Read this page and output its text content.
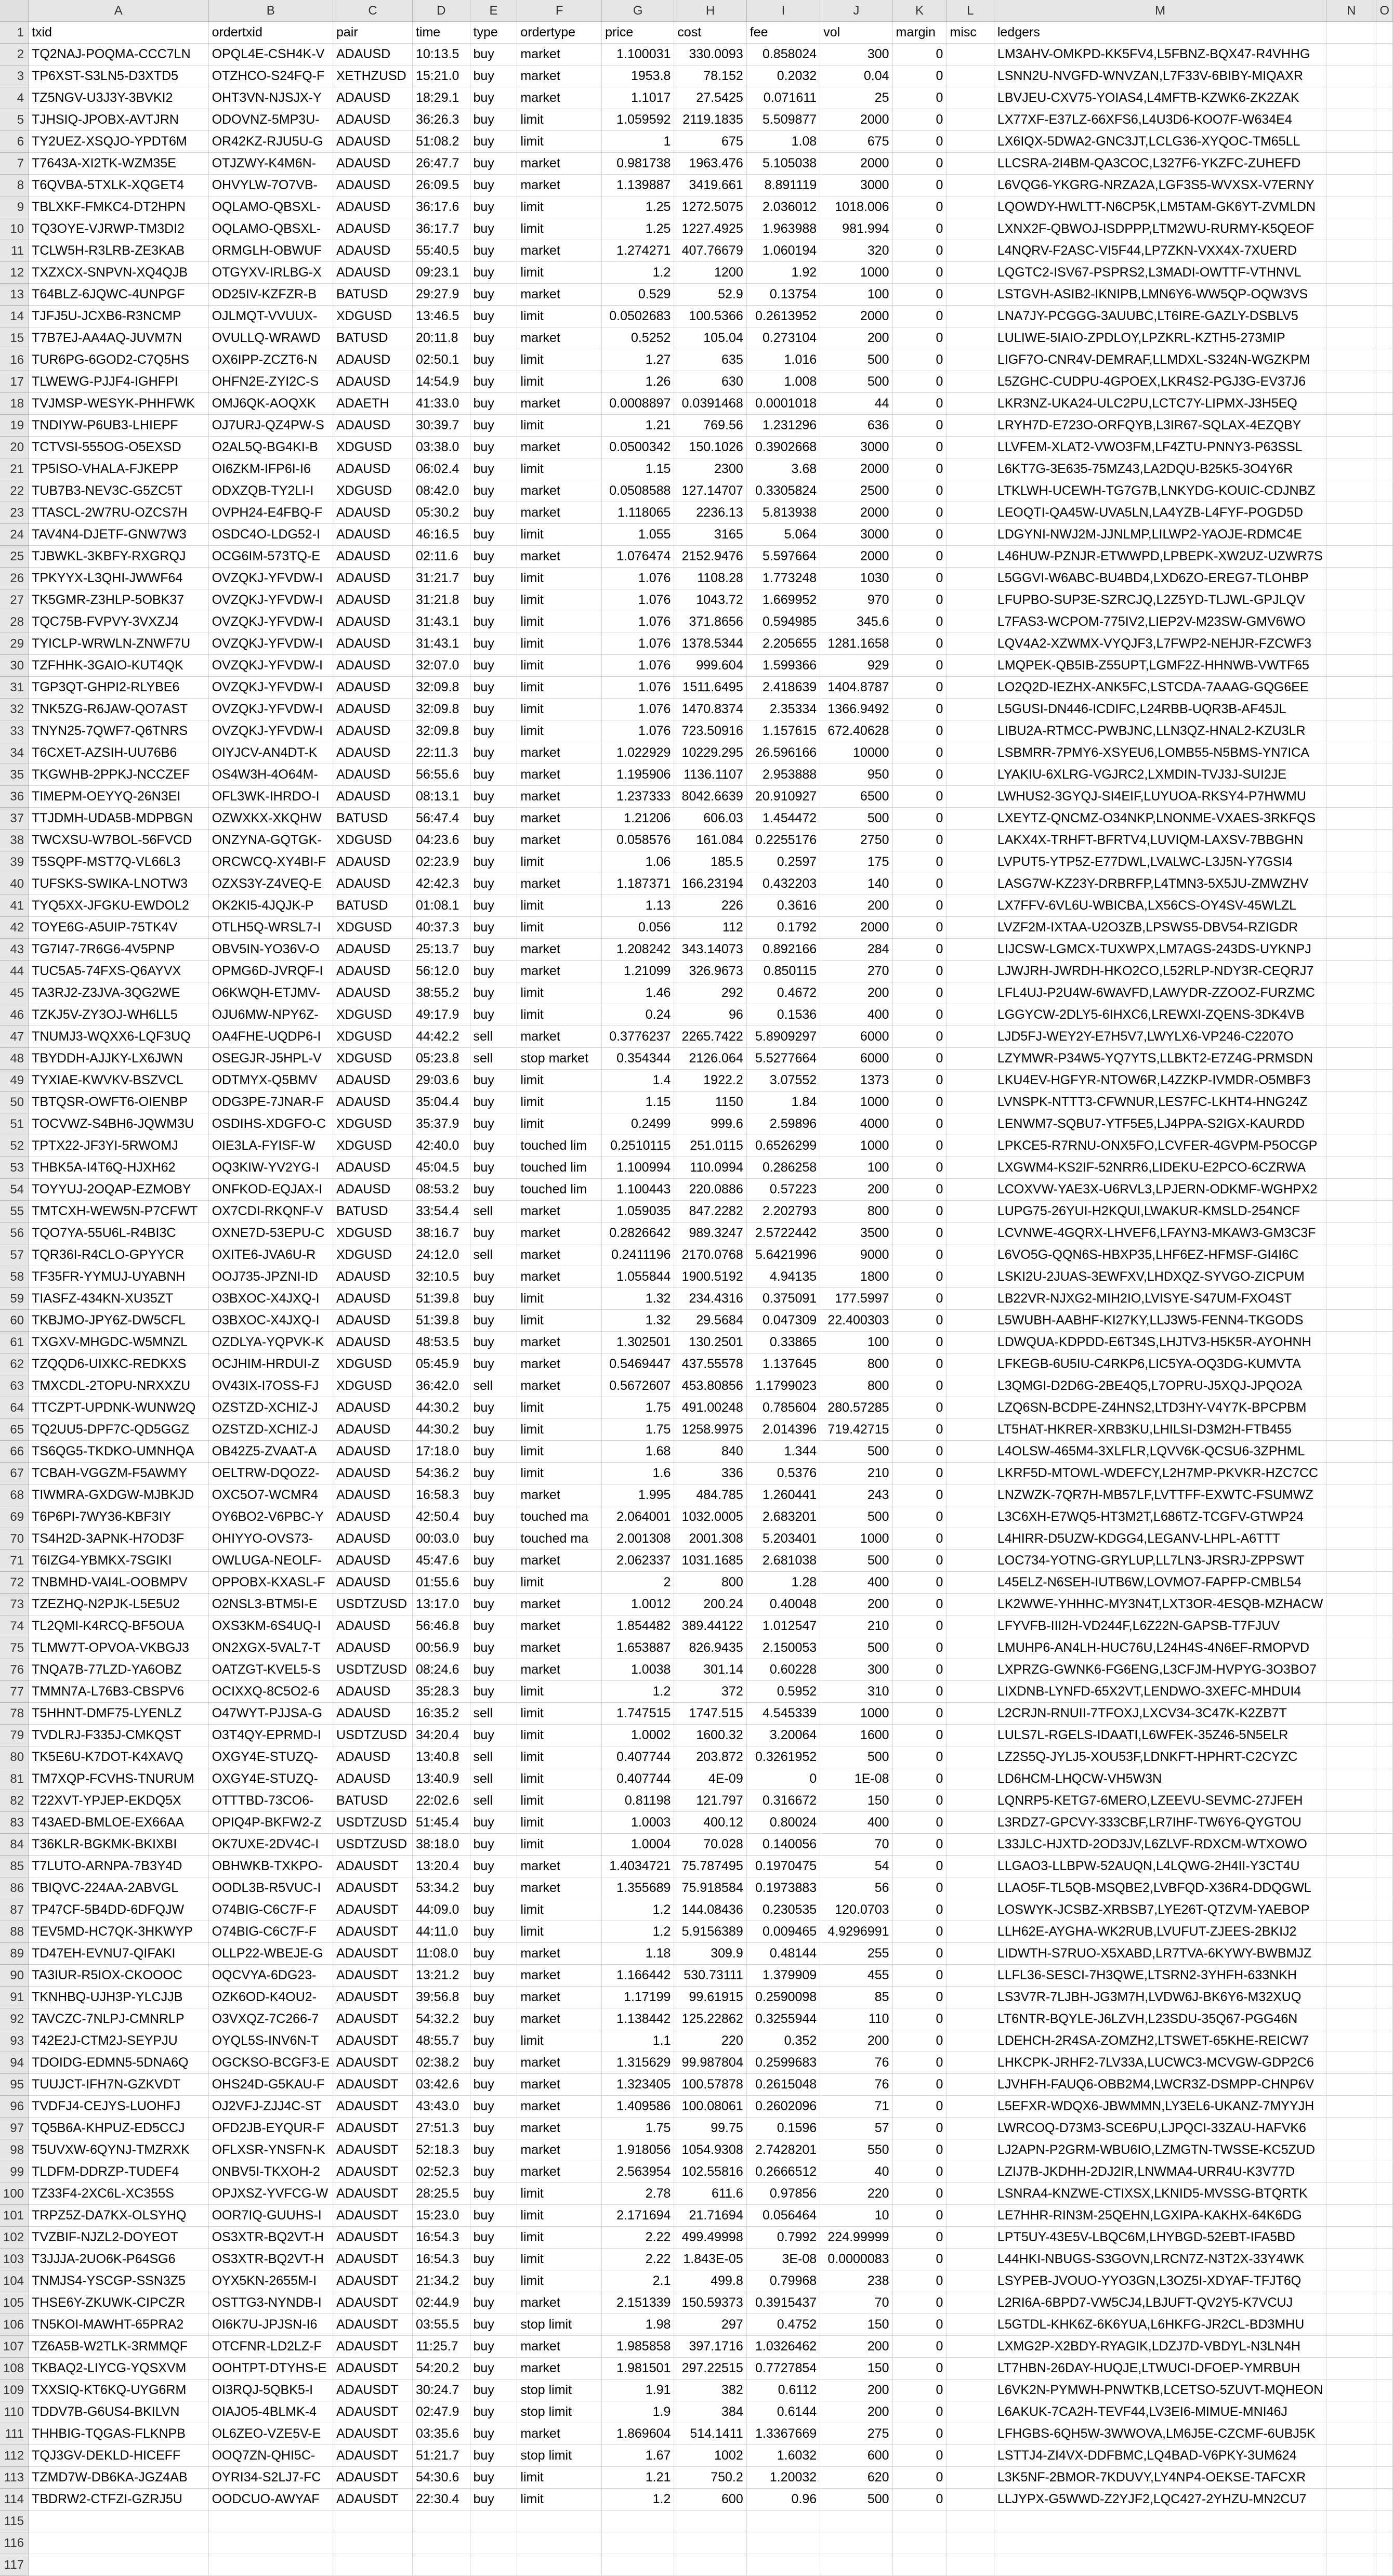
	A	B	C	D	E	F	G	H	I	J	K	L	M	N	O
1	txid	ordertxid	pair	time	type	ordertype	price	cost	fee	vol	margin	misc	ledgers		
2	TQ2NAJ-POQMA-CCC7LN	OPQL4E-CSH4K-V	ADAUSD	10:13.5	buy	market	1.100031	330.0093	0.858024	300	0		LM3AHV-OMKPD-KK5FV4,L5FBNZ-BQX47-R4VHHG		
3	TP6XST-S3LN5-D3XTD5	OTZHCO-S24FQ-F	XETHZUSD	15:21.0	buy	market	1953.8	78.152	0.2032	0.04	0		LSNN2U-NVGFD-WNVZAN,L7F33V-6BIBY-MIQAXR		
4	TZ5NGV-U3J3Y-3BVKI2	OHT3VN-NJSJX-Y	ADAUSD	18:29.1	buy	market	1.1017	27.5425	0.071611	25	0		LBVJEU-CXV75-YOIAS4,L4MFTB-KZWK6-ZK2ZAK		
5	TJHSIQ-JPOBX-AVTJRN	ODOVNZ-5MP3U-	ADAUSD	36:26.3	buy	limit	1.059592	2119.1835	5.509877	2000	0		LX77XF-E37LZ-66XFS6,L4U3D6-KOO7F-W634E4		
6	TY2UEZ-XSQJO-YPDT6M	OR42KZ-RJU5U-G	ADAUSD	51:08.2	buy	limit	1	675	1.08	675	0		LX6IQX-5DWA2-GNC3JT,LCLG36-XYQOC-TM65LL		
7	T7643A-XI2TK-WZM35E	OTJZWY-K4M6N-	ADAUSD	26:47.7	buy	market	0.981738	1963.476	5.105038	2000	0		LLCSRA-2I4BM-QA3COC,L327F6-YKZFC-ZUHEFD		
8	T6QVBA-5TXLK-XQGET4	OHVYLW-7O7VB-	ADAUSD	26:09.5	buy	market	1.139887	3419.661	8.891119	3000	0		L6VQG6-YKGRG-NRZA2A,LGF3S5-WVXSX-V7ERNY		
9	TBLXKF-FMKC4-DT2HPN	OQLAMO-QBSXL-	ADAUSD	36:17.6	buy	limit	1.25	1272.5075	2.036012	1018.006	0		LQOWDY-HWLTT-N6CP5K,LM5TAM-GK6YT-ZVMLDN		
10	TQ3OYE-VJRWP-TM3DI2	OQLAMO-QBSXL-	ADAUSD	36:17.7	buy	limit	1.25	1227.4925	1.963988	981.994	0		LXNX2F-QBWOJ-ISDPPP,LTM2WU-RURMY-K5QEOF		
11	TCLW5H-R3LRB-ZE3KAB	ORMGLH-OBWUF	ADAUSD	55:40.5	buy	market	1.274271	407.76679	1.060194	320	0		L4NQRV-F2ASC-VI5F44,LP7ZKN-VXX4X-7XUERD		
12	TXZXCX-SNPVN-XQ4QJB	OTGYXV-IRLBG-X	ADAUSD	09:23.1	buy	limit	1.2	1200	1.92	1000	0		LQGTC2-ISV67-PSPRS2,L3MADI-OWTTF-VTHNVL		
13	T64BLZ-6JQWC-4UNPGF	OD25IV-KZFZR-B	BATUSD	29:27.9	buy	market	0.529	52.9	0.13754	100	0		LSTGVH-ASIB2-IKNIPB,LMN6Y6-WW5QP-OQW3VS		
14	TJFJ5U-JCXB6-R3NCMP	OJLMQT-VVUUX-	XDGUSD	13:46.5	buy	limit	0.0502683	100.5366	0.2613952	2000	0		LNA7JY-PCGGG-3AUUBC,LT6IRE-GAZLY-DSBLV5		
15	T7B7EJ-AA4AQ-JUVM7N	OVULLQ-WRAWD	BATUSD	20:11.8	buy	market	0.5252	105.04	0.273104	200	0		LULIWE-5IAIO-ZPDLOY,LPZKRL-KZTH5-273MIP		
16	TUR6PG-6GOD2-C7Q5HS	OX6IPP-ZCZT6-N	ADAUSD	02:50.1	buy	limit	1.27	635	1.016	500	0		LIGF7O-CNR4V-DEMRAF,LLMDXL-S324N-WGZKPM		
17	TLWEWG-PJJF4-IGHFPI	OHFN2E-ZYI2C-S	ADAUSD	14:54.9	buy	limit	1.26	630	1.008	500	0		L5ZGHC-CUDPU-4GPOEX,LKR4S2-PGJ3G-EV37J6		
18	TVJMSP-WESYK-PHHFWK	OMJ6QK-AOQXK	ADAETH	41:33.0	buy	market	0.0008897	0.0391468	0.0001018	44	0		LKR3NZ-UKA24-ULC2PU,LCTC7Y-LIPMX-J3H5EQ		
19	TNDIYW-P6UB3-LHIEPF	OJ7URJ-QZ4PW-S	ADAUSD	30:39.7	buy	limit	1.21	769.56	1.231296	636	0		LRYH7D-E723O-ORFQYB,L3IR67-SQLAX-4EZQBY		
20	TCTVSI-555OG-O5EXSD	O2AL5Q-BG4KI-B	XDGUSD	03:38.0	buy	market	0.0500342	150.1026	0.3902668	3000	0		LLVFEM-XLAT2-VWO3FM,LF4ZTU-PNNY3-P63SSL		
21	TP5ISO-VHALA-FJKEPP	OI6ZKM-IFP6I-I6	ADAUSD	06:02.4	buy	limit	1.15	2300	3.68	2000	0		L6KT7G-3E635-75MZ43,LA2DQU-B25K5-3O4Y6R		
22	TUB7B3-NEV3C-G5ZC5T	ODXZQB-TY2LI-I	XDGUSD	08:42.0	buy	market	0.0508588	127.14707	0.3305824	2500	0		LTKLWH-UCEWH-TG7G7B,LNKYDG-KOUIC-CDJNBZ		
23	TTASCL-2W7RU-OZCS7H	OVPH24-E4FBQ-F	ADAUSD	05:30.2	buy	market	1.118065	2236.13	5.813938	2000	0		LEOQTI-QA45W-UVA5LN,LA4YZB-L4FYF-POGD5D		
24	TAV4N4-DJETF-GNW7W3	OSDC4O-LDG52-I	ADAUSD	46:16.5	buy	limit	1.055	3165	5.064	3000	0		LDGYNI-NWJ2M-JJNLMP,LILWP2-YAOJE-RDMC4E		
25	TJBWKL-3KBFY-RXGRQJ	OCG6IM-573TQ-E	ADAUSD	02:11.6	buy	market	1.076474	2152.9476	5.597664	2000	0		L46HUW-PZNJR-ETWWPD,LPBEPK-XW2UZ-UZWR7S		
26	TPKYYX-L3QHI-JWWF64	OVZQKJ-YFVDW-I	ADAUSD	31:21.7	buy	limit	1.076	1108.28	1.773248	1030	0		L5GGVI-W6ABC-BU4BD4,LXD6ZO-EREG7-TLOHBP		
27	TK5GMR-Z3HLP-5OBK37	OVZQKJ-YFVDW-I	ADAUSD	31:21.8	buy	limit	1.076	1043.72	1.669952	970	0		LFUPBO-SUP3E-SZRCJQ,L2Z5YD-TLJWL-GPJLQV		
28	TQC75B-FVPVY-3VXZJ4	OVZQKJ-YFVDW-I	ADAUSD	31:43.1	buy	limit	1.076	371.8656	0.594985	345.6	0		L7FAS3-WCPOM-775IV2,LIEP2V-M23SW-GMV6WO		
29	TYICLP-WRWLN-ZNWF7U	OVZQKJ-YFVDW-I	ADAUSD	31:43.1	buy	limit	1.076	1378.5344	2.205655	1281.1658	0		LQV4A2-XZWMX-VYQJF3,L7FWP2-NEHJR-FZCWF3		
30	TZFHHK-3GAIO-KUT4QK	OVZQKJ-YFVDW-I	ADAUSD	32:07.0	buy	limit	1.076	999.604	1.599366	929	0		LMQPEK-QB5IB-Z55UPT,LGMF2Z-HHNWB-VWTF65		
31	TGP3QT-GHPI2-RLYBE6	OVZQKJ-YFVDW-I	ADAUSD	32:09.8	buy	limit	1.076	1511.6495	2.418639	1404.8787	0		LO2Q2D-IEZHX-ANK5FC,LSTCDA-7AAAG-GQG6EE		
32	TNK5ZG-R6JAW-QO7AST	OVZQKJ-YFVDW-I	ADAUSD	32:09.8	buy	limit	1.076	1470.8374	2.35334	1366.9492	0		L5GUSI-DN446-ICDIFC,L24RBB-UQR3B-AF45JL		
33	TNYN25-7QWF7-Q6TNRS	OVZQKJ-YFVDW-I	ADAUSD	32:09.8	buy	limit	1.076	723.50916	1.157615	672.40628	0		LIBU2A-RTMCC-PWBJNC,LLN3QZ-HNAL2-KZU3LR		
34	T6CXET-AZSIH-UU76B6	OIYJCV-AN4DT-K	ADAUSD	22:11.3	buy	market	1.022929	10229.295	26.596166	10000	0		LSBMRR-7PMY6-XSYEU6,LOMB55-N5BMS-YN7ICA		
35	TKGWHB-2PPKJ-NCCZEF	OS4W3H-4O64M-	ADAUSD	56:55.6	buy	market	1.195906	1136.1107	2.953888	950	0		LYAKIU-6XLRG-VGJRC2,LXMDIN-TVJ3J-SUI2JE		
36	TIMEPM-OEYYQ-26N3EI	OFL3WK-IHRDO-I	ADAUSD	08:13.1	buy	market	1.237333	8042.6639	20.910927	6500	0		LWHUS2-3GYQJ-SI4EIF,LUYUOA-RKSY4-P7HWMU		
37	TTJDMH-UDA5B-MDPBGN	OZWXKX-XKQHW	BATUSD	56:47.4	buy	market	1.21206	606.03	1.454472	500	0		LXEYTZ-QNCMZ-O34NKP,LNONME-VXAES-3RKFQS		
38	TWCXSU-W7BOL-56FVCD	ONZYNA-GQTGK-	XDGUSD	04:23.6	buy	market	0.058576	161.084	0.2255176	2750	0		LAKX4X-TRHFT-BFRTV4,LUVIQM-LAXSV-7BBGHN		
39	T5SQPF-MST7Q-VL66L3	ORCWCQ-XY4BI-F	ADAUSD	02:23.9	buy	limit	1.06	185.5	0.2597	175	0		LVPUT5-YTP5Z-E77DWL,LVALWC-L3J5N-Y7GSI4		
40	TUFSKS-SWIKA-LNOTW3	OZXS3Y-Z4VEQ-E	ADAUSD	42:42.3	buy	market	1.187371	166.23194	0.432203	140	0		LASG7W-KZ23Y-DRBRFP,L4TMN3-5X5JU-ZMWZHV		
41	TYQ5XX-JFGKU-EWDOL2	OK2KI5-4JQJK-P	BATUSD	01:08.1	buy	limit	1.13	226	0.3616	200	0		LX7FFV-6VL6U-WBICBA,LX56CS-OY4SV-45WLZL		
42	TOYE6G-A5UIP-75TK4V	OTLH5Q-WRSL7-I	XDGUSD	40:37.3	buy	limit	0.056	112	0.1792	2000	0		LVZF2M-IXTAA-U2O3ZB,LPSWS5-DBV54-RZIGDR		
43	TG7I47-7R6G6-4V5PNP	OBV5IN-YO36V-O	ADAUSD	25:13.7	buy	market	1.208242	343.14073	0.892166	284	0		LIJCSW-LGMCX-TUXWPX,LM7AGS-243DS-UYKNPJ		
44	TUC5A5-74FXS-Q6AYVX	OPMG6D-JVRQF-I	ADAUSD	56:12.0	buy	market	1.21099	326.9673	0.850115	270	0		LJWJRH-JWRDH-HKO2CO,L52RLP-NDY3R-CEQRJ7		
45	TA3RJ2-Z3JVA-3QG2WE	O6KWQH-ETJMV-	ADAUSD	38:55.2	buy	limit	1.46	292	0.4672	200	0		LFL4UJ-P2U4W-6WAVFD,LAWYDR-ZZOOZ-FURZMC		
46	TZKJ5V-ZY3OJ-WH6LL5	OJU6MW-NPY6Z-	XDGUSD	49:17.9	buy	limit	0.24	96	0.1536	400	0		LGGYCW-2DLY5-6IHXC6,LREWXI-ZQENS-3DK4VB		
47	TNUMJ3-WQXX6-LQF3UQ	OA4FHE-UQDP6-I	XDGUSD	44:42.2	sell	market	0.3776237	2265.7422	5.8909297	6000	0		LJD5FJ-WEY2Y-E7H5V7,LWYLX6-VP246-C2207O		
48	TBYDDH-AJJKY-LX6JWN	OSEGJR-J5HPL-V	XDGUSD	05:23.8	sell	stop market	0.354344	2126.064	5.5277664	6000	0		LZYMWR-P34W5-YQ7YTS,LLBKT2-E7Z4G-PRMSDN		
49	TYXIAE-KWVKV-BSZVCL	ODTMYX-Q5BMV	ADAUSD	29:03.6	buy	limit	1.4	1922.2	3.07552	1373	0		LKU4EV-HGFYR-NTOW6R,L4ZZKP-IVMDR-O5MBF3		
50	TBTQSR-OWFT6-OIENBP	ODG3PE-7JNAR-F	ADAUSD	35:04.4	buy	limit	1.15	1150	1.84	1000	0		LVNSPK-NTTT3-CFWNUR,LES7FC-LKHT4-HNG24Z		
51	TOCVWZ-S4BH6-JQWM3U	OSDIHS-XDGFO-C	XDGUSD	35:37.9	buy	limit	0.2499	999.6	2.59896	4000	0		LENWM7-SQBU7-YTF5E5,LJ4PPA-S2IGX-KAURDD		
52	TPTX22-JF3YI-5RWOMJ	OIE3LA-FYISF-W	XDGUSD	42:40.0	buy	touched lim	0.2510115	251.0115	0.6526299	1000	0		LPKCE5-R7RNU-ONX5FO,LCVFER-4GVPM-P5OCGP		
53	THBK5A-I4T6Q-HJXH62	OQ3KIW-YV2YG-I	ADAUSD	45:04.5	buy	touched lim	1.100994	110.0994	0.286258	100	0		LXGWM4-KS2IF-52NRR6,LIDEKU-E2PCO-6CZRWA		
54	TOYYUJ-2OQAP-EZMOBY	ONFKOD-EQJAX-I	ADAUSD	08:53.2	buy	touched lim	1.100443	220.0886	0.57223	200	0		LCOXVW-YAE3X-U6RVL3,LPJERN-ODKMF-WGHPX2		
55	TMTCXH-WEW5N-P7CFWT	OX7CDI-RKQNF-V	BATUSD	33:54.4	sell	market	1.059035	847.2282	2.202793	800	0		LUPG75-26YUI-H2KQUI,LWAKUR-KMSLD-254NCF		
56	TQO7YA-55U6L-R4BI3C	OXNE7D-53EPU-C	XDGUSD	38:16.7	buy	market	0.2826642	989.3247	2.5722442	3500	0		LCVNWE-4GQRX-LHVEF6,LFAYN3-MKAW3-GM3C3F		
57	TQR36I-R4CLO-GPYYCR	OXITE6-JVA6U-R	XDGUSD	24:12.0	sell	market	0.2411196	2170.0768	5.6421996	9000	0		L6VO5G-QQN6S-HBXP35,LHF6EZ-HFMSF-GI4I6C		
58	TF35FR-YYMUJ-UYABNH	OOJ735-JPZNI-ID	ADAUSD	32:10.5	buy	market	1.055844	1900.5192	4.94135	1800	0		LSKI2U-2JUAS-3EWFXV,LHDXQZ-SYVGO-ZICPUM		
59	TIASFZ-434KN-XU35ZT	O3BXOC-X4JXQ-I	ADAUSD	51:39.8	buy	limit	1.32	234.4316	0.375091	177.5997	0		LB22VR-NJXG2-MIH2IO,LVISYE-S47UM-FXO4ST		
60	TKBJMO-JPY6Z-DW5CFL	O3BXOC-X4JXQ-I	ADAUSD	51:39.8	buy	limit	1.32	29.5684	0.047309	22.400303	0		L5WUBH-AABHF-KI27KY,LLJ3W5-FENN4-TKGODS		
61	TXGXV-MHGDC-W5MNZL	OZDLYA-YQPVK-K	ADAUSD	48:53.5	buy	market	1.302501	130.2501	0.33865	100	0		LDWQUA-KDPDD-E6T34S,LHJTV3-H5K5R-AYOHNH		
62	TZQQD6-UIXKC-REDKXS	OCJHIM-HRDUI-Z	XDGUSD	05:45.9	buy	market	0.5469447	437.55578	1.137645	800	0		LFKEGB-6U5IU-C4RKP6,LIC5YA-OQ3DG-KUMVTA		
63	TMXCDL-2TOPU-NRXXZU	OV43IX-I7OSS-FJ	XDGUSD	36:42.0	sell	market	0.5672607	453.80856	1.1799023	800	0		L3QMGI-D2D6G-2BE4Q5,L7OPRU-J5XQJ-JPQO2A		
64	TTCZPT-UPDNK-WUNW2Q	OZSTZD-XCHIZ-J	ADAUSD	44:30.2	buy	limit	1.75	491.00248	0.785604	280.57285	0		LZQ6SN-BCDPE-Z4HNS2,LTD3HY-V4Y7K-BPCPBM		
65	TQ2UU5-DPF7C-QD5GGZ	OZSTZD-XCHIZ-J	ADAUSD	44:30.2	buy	limit	1.75	1258.9975	2.014396	719.42715	0		LT5HAT-HKRER-XRB3KU,LHILSI-D3M2H-FTB455		
66	TS6QG5-TKDKO-UMNHQA	OB42Z5-ZVAAT-A	ADAUSD	17:18.0	buy	limit	1.68	840	1.344	500	0		L4OLSW-465M4-3XLFLR,LQVV6K-QCSU6-3ZPHML		
67	TCBAH-VGGZM-F5AWMY	OELTRW-DQOZ2-	ADAUSD	54:36.2	buy	limit	1.6	336	0.5376	210	0		LKRF5D-MTOWL-WDEFCY,L2H7MP-PKVKR-HZC7CC		
68	TIWMRA-GXDGW-MJBKJD	OXC5O7-WCMR4	ADAUSD	16:58.3	buy	market	1.995	484.785	1.260441	243	0		LNZWZK-7QR7H-MB57LF,LVTTFF-EXWTC-FSUMWZ		
69	T6P6PI-7WY36-KBF3IY	OY6BO2-V6PBC-Y	ADAUSD	42:50.4	buy	touched ma	2.064001	1032.0005	2.683201	500	0		L3C6XH-E7WQ5-HT3M2T,L686TZ-TCGFV-GTWP24		
70	TS4H2D-3APNK-H7OD3F	OHIYYO-OVS73-	ADAUSD	00:03.0	buy	touched ma	2.001308	2001.308	5.203401	1000	0		L4HIRR-D5UZW-KDGG4,LEGANV-LHPL-A6TTT		
71	T6IZG4-YBMKX-7SGIKI	OWLUGA-NEOLF-	ADAUSD	45:47.6	buy	market	2.062337	1031.1685	2.681038	500	0		LOC734-YOTNG-GRYLUP,LL7LN3-JRSRJ-ZPPSWT		
72	TNBMHD-VAI4L-OOBMPV	OPPOBX-KXASL-F	ADAUSD	01:55.6	buy	limit	2	800	1.28	400	0		L45ELZ-N6SEH-IUTB6W,LOVMO7-FAPFP-CMBL54		
73	TZEZHQ-N2PJK-L5E5U2	O2NSL3-BTM5I-E	USDTZUSD	13:17.0	buy	market	1.0012	200.24	0.40048	200	0		LK2WWE-YHHHC-MY3N4T,LXT3OR-4ESQB-MZHACW		
74	TL2QMI-K4RCQ-BF5OUA	OXS3KM-6S4UQ-I	ADAUSD	56:46.8	buy	market	1.854482	389.44122	1.012547	210	0		LFYVFB-III2H-VD244F,L6Z22N-GAPSB-T7FJUV		
75	TLMW7T-OPVOA-VKBGJ3	ON2XGX-5VAL7-T	ADAUSD	00:56.9	buy	market	1.653887	826.9435	2.150053	500	0		LMUHP6-AN4LH-HUC76U,L24H4S-4N6EF-RMOPVD		
76	TNQA7B-77LZD-YA6OBZ	OATZGT-KVEL5-S	USDTZUSD	08:24.6	buy	market	1.0038	301.14	0.60228	300	0		LXPRZG-GWNK6-FG6ENG,L3CFJM-HVPYG-3O3BO7		
77	TMMN7A-L76B3-CBSPV6	OCIXXQ-8C5O2-6	ADAUSD	35:28.3	buy	limit	1.2	372	0.5952	310	0		LIXDNB-LYNFD-65X2VT,LENDWO-3XEFC-MHDUI4		
78	T5HHNT-DMF75-LYENLZ	O47WYT-PJJSA-G	ADAUSD	16:35.2	sell	limit	1.747515	1747.515	4.545339	1000	0		L2CRJN-RNUII-7TFOXJ,LXCV34-3C47K-K2ZB7T		
79	TVDLRJ-F335J-CMKQST	O3T4QY-EPRMD-I	USDTZUSD	34:20.4	buy	limit	1.0002	1600.32	3.20064	1600	0		LULS7L-RGELS-IDAATI,L6WFEK-35Z46-5N5ELR		
80	TK5E6U-K7DOT-K4XAVQ	OXGY4E-STUZQ-	ADAUSD	13:40.8	sell	limit	0.407744	203.872	0.3261952	500	0		LZ2S5Q-JYLJ5-XOU53F,LDNKFT-HPHRT-C2CYZC		
81	TM7XQP-FCVHS-TNURUM	OXGY4E-STUZQ-	ADAUSD	13:40.9	sell	limit	0.407744	4E-09	0	1E-08	0		LD6HCM-LHQCW-VH5W3N		
82	T22XVT-YPJEP-EKDQ5X	OTTTBD-73CO6-	BATUSD	22:02.6	sell	limit	0.81198	121.797	0.316672	150	0		LQNRP5-KETG7-6MERO,LZEEVU-SEVMC-27JFEH		
83	T43AED-BMLOE-EX66AA	OPIQ4P-BKFW2-Z	USDTZUSD	51:45.4	buy	limit	1.0003	400.12	0.80024	400	0		L3RDZ7-GPCVY-333CBF,LR7IHF-TW6Y6-QYGTOU		
84	T36KLR-BGKMK-BKIXBI	OK7UXE-2DV4C-I	USDTZUSD	38:18.0	buy	limit	1.0004	70.028	0.140056	70	0		L33JLC-HJXTD-2OD3JV,L6ZLVF-RDXCM-WTXOWO		
85	T7LUTO-ARNPA-7B3Y4D	OBHWKB-TXKPO-	ADAUSDT	13:20.4	buy	market	1.4034721	75.787495	0.1970475	54	0		LLGAO3-LLBPW-52AUQN,L4LQWG-2H4II-Y3CT4U		
86	TBIQVC-224AA-2ABVGL	OODL3B-R5VUC-I	ADAUSDT	53:34.2	buy	market	1.355689	75.918584	0.1973883	56	0		LLAO5F-TL5QB-MSQBE2,LVBFQD-X36R4-DDQGWL		
87	TP47CF-5B4DD-6DFQJW	O74BIG-C6C7F-F	ADAUSDT	44:09.0	buy	limit	1.2	144.08436	0.230535	120.0703	0		LOSWYK-JCSBZ-XRBSB7,LYE26T-QTZVM-YAEBOP		
88	TEV5MD-HC7QK-3HKWYP	O74BIG-C6C7F-F	ADAUSDT	44:11.0	buy	limit	1.2	5.9156389	0.009465	4.9296991	0		LLH62E-AYGHA-WK2RUB,LVUFUT-ZJEES-2BKIJ2		
89	TD47EH-EVNU7-QIFAKI	OLLP22-WBEJE-G	ADAUSDT	11:08.0	buy	market	1.18	309.9	0.48144	255	0		LIDWTH-S7RUO-X5XABD,LR7TVA-6KYWY-BWBMJZ		
90	TA3IUR-R5IOX-CKOOOC	OQCVYA-6DG23-	ADAUSDT	13:21.2	buy	market	1.166442	530.73111	1.379909	455	0		LLFL36-SESCI-7H3QWE,LTSRN2-3YHFH-633NKH		
91	TKNHBQ-UJH3P-YLCJJB	OZK6OD-K4OU2-	ADAUSDT	39:56.8	buy	market	1.17199	99.61915	0.2590098	85	0		LS3V7R-7LJBH-JG3M7H,LVDW6J-BK6Y6-M32XUQ		
92	TAVCZC-7NLPJ-CMNRLP	O3VXQZ-7C266-7	ADAUSDT	54:32.2	buy	market	1.138442	125.22862	0.3255944	110	0		LT6NTR-BQYLE-J6LZVH,L23SDU-35Q67-PGG46N		
93	T42E2J-CTM2J-SEYPJU	OYQL5S-INV6N-T	ADAUSDT	48:55.7	buy	limit	1.1	220	0.352	200	0		LDEHCH-2R4SA-ZOMZH2,LTSWET-65KHE-REICW7		
94	TDOIDG-EDMN5-5DNA6Q	OGCKSO-BCGF3-E	ADAUSDT	02:38.2	buy	market	1.315629	99.987804	0.2599683	76	0		LHKCPK-JRHF2-7LV33A,LUCWC3-MCVGW-GDP2C6		
95	TUUJCT-IFH7N-GZKVDT	OHS24D-G5KAU-F	ADAUSDT	03:42.6	buy	market	1.323405	100.57878	0.2615048	76	0		LJVHFH-FAUQ6-OBB2M4,LWCR3Z-DSMPP-CHNP6V		
96	TVDFJ4-CEJYS-LUOHFJ	OJ2VFJ-ZJJ4C-ST	ADAUSDT	43:43.0	buy	market	1.409586	100.08061	0.2602096	71	0		L5EFXR-WDQX6-JBWMMN,LY3EL6-UKANZ-7MYYJH		
97	TQ5B6A-KHPUZ-ED5CCJ	OFD2JB-EYQUR-F	ADAUSDT	27:51.3	buy	market	1.75	99.75	0.1596	57	0		LWRCOQ-D73M3-SCE6PU,LJPQCI-33ZAU-HAFVK6		
98	T5UVXW-6QYNJ-TMZRXK	OFLXSR-YNSFN-K	ADAUSDT	52:18.3	buy	market	1.918056	1054.9308	2.7428201	550	0		LJ2APN-P2GRM-WBU6IO,LZMGTN-TWSSE-KC5ZUD		
99	TLDFM-DDRZP-TUDEF4	ONBV5I-TKXOH-2	ADAUSDT	02:52.3	buy	market	2.563954	102.55816	0.2666512	40	0		LZIJ7B-JKDHH-2DJ2IR,LNWMA4-URR4U-K3V77D		
100	TZ33F4-2XC6L-XC355S	OPJXSZ-YVFCG-W	ADAUSDT	28:25.5	buy	limit	2.78	611.6	0.97856	220	0		LSNRA4-KNZWE-CTIXSX,LKNID5-MVSSG-BTQRTK		
101	TRPZ5Z-DA7KX-OLSYHQ	OOR7IQ-GUUHS-I	ADAUSDT	15:23.0	buy	limit	2.171694	21.71694	0.056464	10	0		LE7HHR-RIN3M-25QEHN,LGXIPA-KAKHX-64K6DG		
102	TVZBIF-NJZL2-DOYEOT	OS3XTR-BQ2VT-H	ADAUSDT	16:54.3	buy	limit	2.22	499.49998	0.7992	224.99999	0		LPT5UY-43E5V-LBQC6M,LHYBGD-52EBT-IFA5BD		
103	T3JJJA-2UO6K-P64SG6	OS3XTR-BQ2VT-H	ADAUSDT	16:54.3	buy	limit	2.22	1.843E-05	3E-08	0.0000083	0		L44HKI-NBUGS-S3GOVN,LRCN7Z-N3T2X-33Y4WK		
104	TNMJS4-YSCGP-SSN3Z5	OYX5KN-2655M-I	ADAUSDT	21:34.2	buy	limit	2.1	499.8	0.79968	238	0		LSYPEB-JVOUO-YYO3GN,L3OZ5I-XDYAF-TFJT6Q		
105	THSE6Y-ZKUWK-CIPCZR	OSTTG3-NYNDB-I	ADAUSDT	02:44.9	buy	market	2.151339	150.59373	0.3915437	70	0		L2RI6A-6BPD7-VW5CJ4,LBJUFT-QV2Y5-K7VCUJ		
106	TN5KOI-MAWHT-65PRA2	OI6K7U-JPJSN-I6	ADAUSDT	03:55.5	buy	stop limit	1.98	297	0.4752	150	0		L5GTDL-KHK6Z-6K6YUA,L6HKFG-JR2CL-BD3MHU		
107	TZ6A5B-W2TLK-3RMMQF	OTCFNR-LD2LZ-F	ADAUSDT	11:25.7	buy	market	1.985858	397.1716	1.0326462	200	0		LXMG2P-X2BDY-RYAGIK,LDZJ7D-VBDYL-N3LN4H		
108	TKBAQ2-LIYCG-YQSXVM	OOHTPT-DTYHS-E	ADAUSDT	54:20.2	buy	market	1.981501	297.22515	0.7727854	150	0		LT7HBN-26DAY-HUQJE,LTWUCI-DFOEP-YMRBUH		
109	TXXSIQ-KT6KQ-UYG6RM	OI3RQJ-5QBK5-I	ADAUSDT	30:24.7	buy	stop limit	1.91	382	0.6112	200	0		L6VK2N-PYMWH-PNWTKB,LCETSO-5ZUVT-MQHEON		
110	TDDV7B-G6US4-BKILVN	OIAJO5-4BLMK-4	ADAUSDT	02:47.9	buy	stop limit	1.9	384	0.6144	200	0		L6AKUK-7CA2H-TEVF44,LV3EI6-MIMUE-MNI46J		
111	THHBIG-TQGAS-FLKNPB	OL6ZEO-VZE5V-E	ADAUSDT	03:35.6	buy	market	1.869604	514.1411	1.3367669	275	0		LFHGBS-6QH5W-3WWOVA,LM6J5E-CZCMF-6UBJ5K		
112	TQJ3GV-DEKLD-HICEFF	OOQ7ZN-QHI5C-	ADAUSDT	51:21.7	buy	stop limit	1.67	1002	1.6032	600	0		LSTTJ4-ZI4VX-DDFBMC,LQ4BAD-V6PKY-3UM624		
113	TZMD7W-DB6KA-JGZ4AB	OYRI34-S2LJ7-FC	ADAUSDT	54:30.6	buy	limit	1.21	750.2	1.20032	620	0		L3K5NF-2BMOR-7KDUVY,LY4NP4-OEKSE-TAFCXR		
114	TBDRW2-CTFZI-GZRJ5U	OODCUO-AWYAF	ADAUSDT	22:30.4	buy	limit	1.2	600	0.96	500	0		LLJYPX-G5WWD-Z2YJF2,LQC427-2YHZU-MN2CU7		
115															
116															
117															
